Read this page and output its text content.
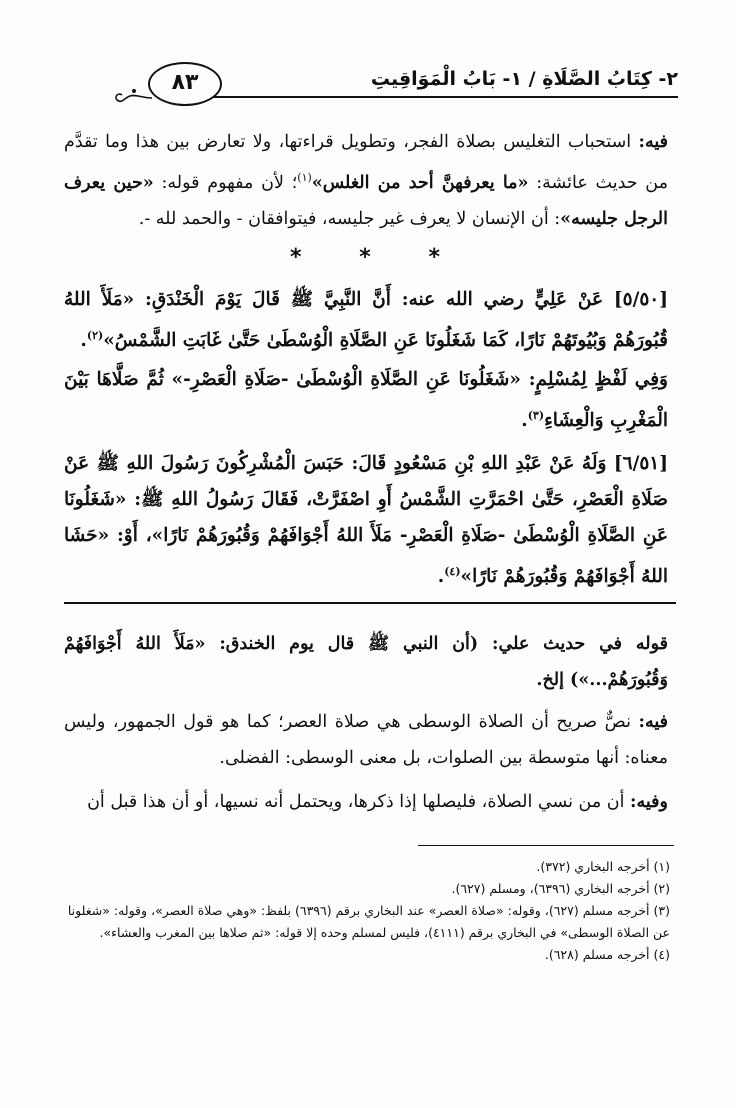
٢- كِتَابُ الصَّلَاةِ / ١- بَابُ الْمَوَاقِيتِ
٨٣
فيه: استحباب التغليس بصلاة الفجر، وتطويل قراءتها، ولا تعارض بين هذا وما تقدَّم من حديث عائشة: «ما يعرفهنَّ أحد من الغلس»$^{(١)}$؛ لأن مفهوم قوله: «حين يعرف الرجل جليسه»: أن الإنسان لا يعرف غير جليسه، فيتوافقان - والحمد لله -.
*	*	*
[٥/٥٠] عَنْ عَلِيٍّ رضي الله عنه: أَنَّ النَّبِيَّ ﷺ قَالَ يَوْمَ الْخَنْدَقِ: «مَلَأَ اللهُ قُبُورَهُمْ وَبُيُوتَهُمْ نَارًا، كَمَا شَغَلُونَا عَنِ الصَّلَاةِ الْوُسْطَىٰ حَتَّىٰ غَابَتِ الشَّمْسُ»$^{(٢)}$.
وَفِي لَفْظٍ لِمُسْلِمٍ: «شَغَلُونَا عَنِ الصَّلَاةِ الْوُسْطَىٰ -صَلَاةِ الْعَصْرِ-» ثُمَّ صَلَّاهَا بَيْنَ الْمَغْرِبِ وَالْعِشَاءِ$^{(٣)}$.
[٦/٥١] وَلَهُ عَنْ عَبْدِ اللهِ بْنِ مَسْعُودٍ قَالَ: حَبَسَ الْمُشْرِكُونَ رَسُولَ اللهِ ﷺ عَنْ صَلَاةِ الْعَصْرِ، حَتَّىٰ احْمَرَّتِ الشَّمْسُ أَوِ اصْفَرَّتْ، فَقَالَ رَسُولُ اللهِ ﷺ: «شَغَلُونَا عَنِ الصَّلَاةِ الْوُسْطَىٰ -صَلَاةِ الْعَصْرِ- مَلَأَ اللهُ أَجْوَافَهُمْ وَقُبُورَهُمْ نَارًا»، أَوْ: «حَشَا اللهُ أَجْوَافَهُمْ وَقُبُورَهُمْ نَارًا»$^{(٤)}$.
قوله في حديث علي: (أن النبي ﷺ قال يوم الخندق: «مَلَأَ اللهُ أَجْوَافَهُمْ وَقُبُورَهُمْ...») إلخ.
فيه: نصٌّ صريح أن الصلاة الوسطى هي صلاة العصر؛ كما هو قول الجمهور، وليس معناه: أنها متوسطة بين الصلوات، بل معنى الوسطى: الفضلى.
وفيه: أن من نسي الصلاة، فليصلها إذا ذكرها، ويحتمل أنه نسيها، أو أن هذا قبل أن

(١) أخرجه البخاري (٣٧٢).

(٢) أخرجه البخاري (٦٣٩٦)، ومسلم (٦٢٧).

(٣) أخرجه مسلم (٦٢٧)، وقوله: «صلاة العصر» عند البخاري برقم (٦٣٩٦) بلفظ: «وهي صلاة العصر»، وقوله: «شغلونا عن الصلاة الوسطى» في البخاري برقم (٤١١١)، فليس لمسلم وحده إلا قوله: «ثم صلاها بين المغرب والعشاء».

(٤) أخرجه مسلم (٦٢٨).
